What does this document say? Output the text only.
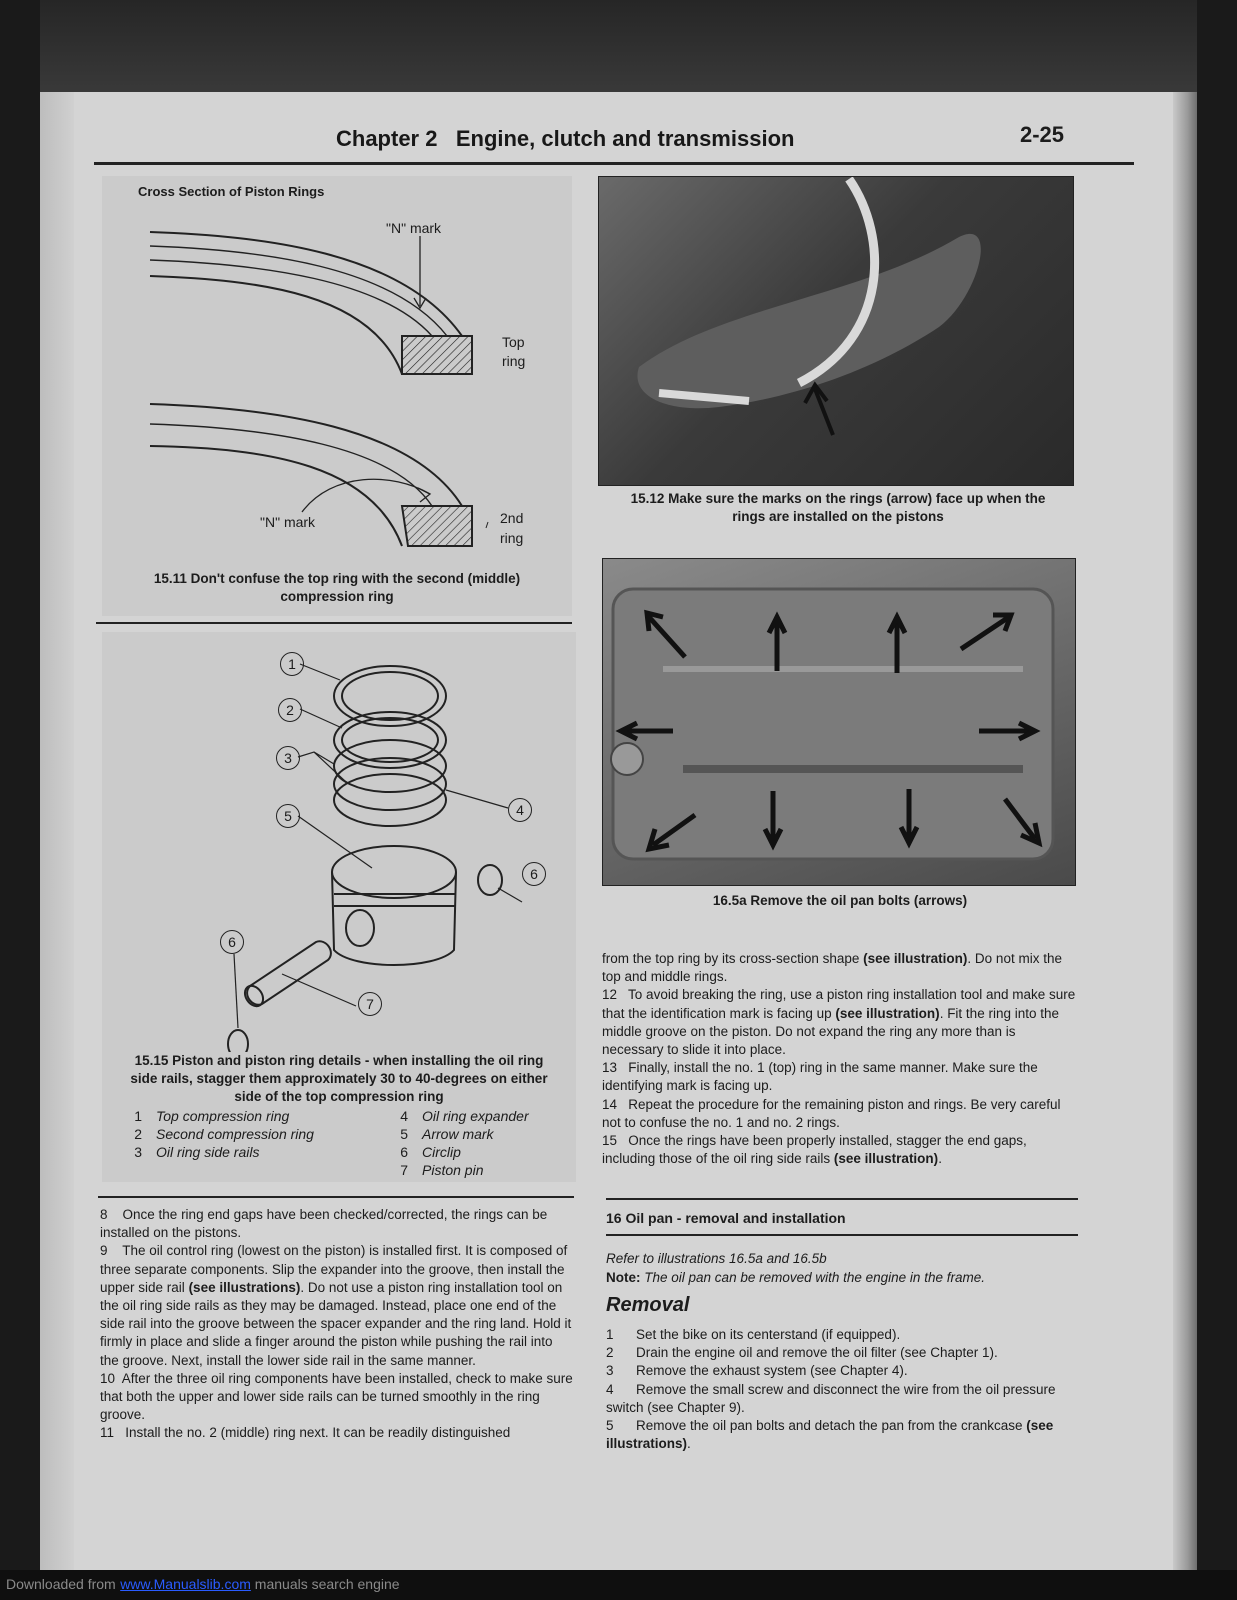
Chapter 2 Engine, clutch and transmission	2-25
Cross Section of Piston Rings
"N" mark
Top
ring
"N" mark	2nd
ring
15.11 Don't confuse the top ring with the second (middle)
compression ring
1
2
3
4
5
6
6
7
15.15 Piston and piston ring details - when installing the oil ring
side rails, stagger them approximately 30 to 40-degrees on either
side of the top compression ring
1	Top compression ring
2	Second compression ring
3	Oil ring side rails
4	Oil ring expander
5	Arrow mark
6	Circlip
7	Piston pin

8 Once the ring end gaps have been checked/corrected, the rings can be installed on the pistons.

9 The oil control ring (lowest on the piston) is installed first. It is composed of three separate components. Slip the expander into the groove, then install the upper side rail (see illustrations). Do not use a piston ring installation tool on the oil ring side rails as they may be damaged. Instead, place one end of the side rail into the groove between the spacer expander and the ring land. Hold it firmly in place and slide a finger around the piston while pushing the rail into the groove. Next, install the lower side rail in the same manner.

10 After the three oil ring components have been installed, check to make sure that both the upper and lower side rails can be turned smoothly in the ring groove.

11 Install the no. 2 (middle) ring next. It can be readily distinguished

15.12 Make sure the marks on the rings (arrow) face up when the
rings are installed on the pistons
16.5a Remove the oil pan bolts (arrows)

from the top ring by its cross-section shape (see illustration). Do not mix the top and middle rings.

12 To avoid breaking the ring, use a piston ring installation tool and make sure that the identification mark is facing up (see illustration). Fit the ring into the middle groove on the piston. Do not expand the ring any more than is necessary to slide it into place.

13 Finally, install the no. 1 (top) ring in the same manner. Make sure the identifying mark is facing up.

14 Repeat the procedure for the remaining piston and rings. Be very careful not to confuse the no. 1 and no. 2 rings.

15 Once the rings have been properly installed, stagger the end gaps, including those of the oil ring side rails (see illustration).

16 Oil pan - removal and installation
Refer to illustrations 16.5a and 16.5b
Note: The oil pan can be removed with the engine in the frame.
Removal

1 Set the bike on its centerstand (if equipped).

2 Drain the engine oil and remove the oil filter (see Chapter 1).

3 Remove the exhaust system (see Chapter 4).

4 Remove the small screw and disconnect the wire from the oil pressure switch (see Chapter 9).

5 Remove the oil pan bolts and detach the pan from the crankcase (see illustrations).

Downloaded from www.Manualslib.com manuals search engine
